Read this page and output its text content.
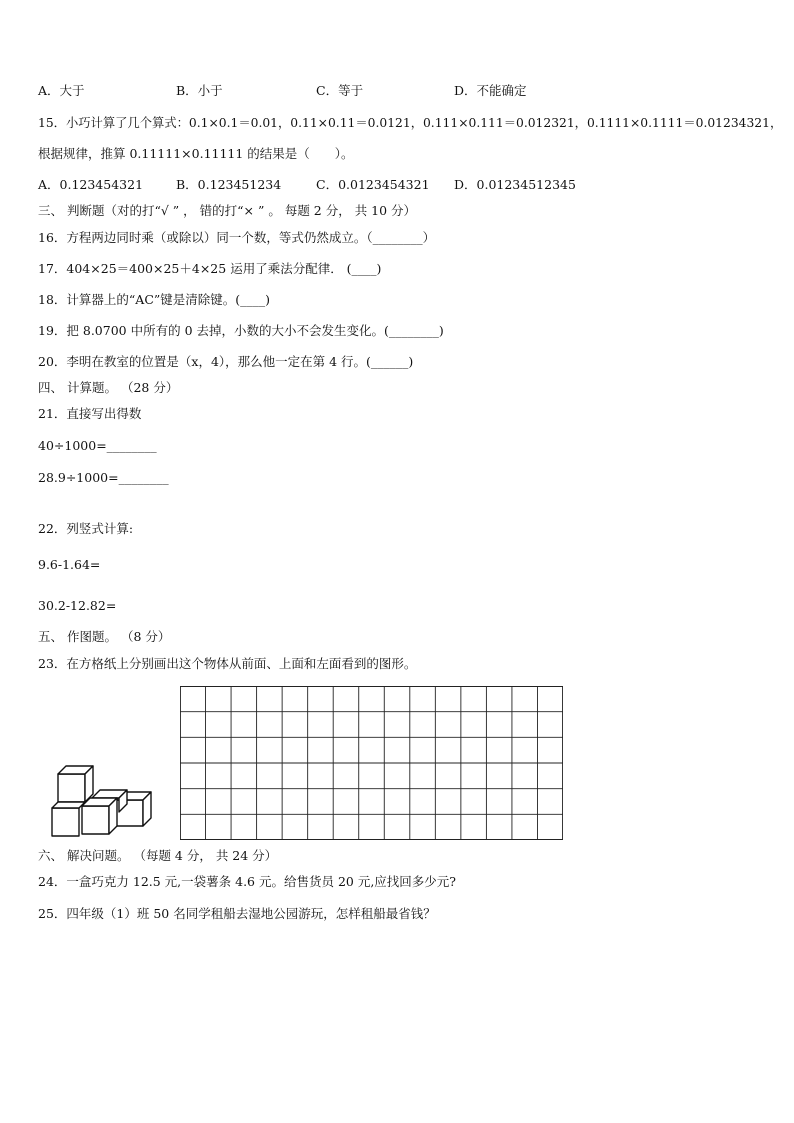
A．大于	B．小于	C．等于	D．不能确定
15．小巧计算了几个算式：0.1×0.1＝0.01，0.11×0.11＝0.0121，0.111×0.111＝0.012321，0.1111×0.1111＝0.01234321，
根据规律，推算 0.11111×0.11111 的结果是（　　）。
A．0.123454321	B．0.123451234	C．0.0123454321 D．0.01234512345
三、 判断题（对的打“√ ” ， 错的打“× ” 。 每题 2 分， 共 10 分）
16．方程两边同时乘（或除以）同一个数，等式仍然成立。（________）
17．404×25＝400×25＋4×25 运用了乘法分配律． (____)
18．计算器上的“AC”键是清除键。(____)
19．把 8.0700 中所有的 0 去掉，小数的大小不会发生变化。(________)
20．李明在教室的位置是（x，4），那么他一定在第 4 行。(______)
四、 计算题。 （28 分）
21．直接写出得数
40÷1000=________
28.9÷1000=________
22．列竖式计算:
9.6-1.64=
30.2-12.82=
五、 作图题。 （8 分）
23．在方格纸上分别画出这个物体从前面、上面和左面看到的图形。
六、 解决问题。 （每题 4 分， 共 24 分）
24．一盒巧克力 12.5 元,一袋薯条 4.6 元。给售货员 20 元,应找回多少元?
25．四年级（1）班 50 名同学租船去湿地公园游玩，怎样租船最省钱？
